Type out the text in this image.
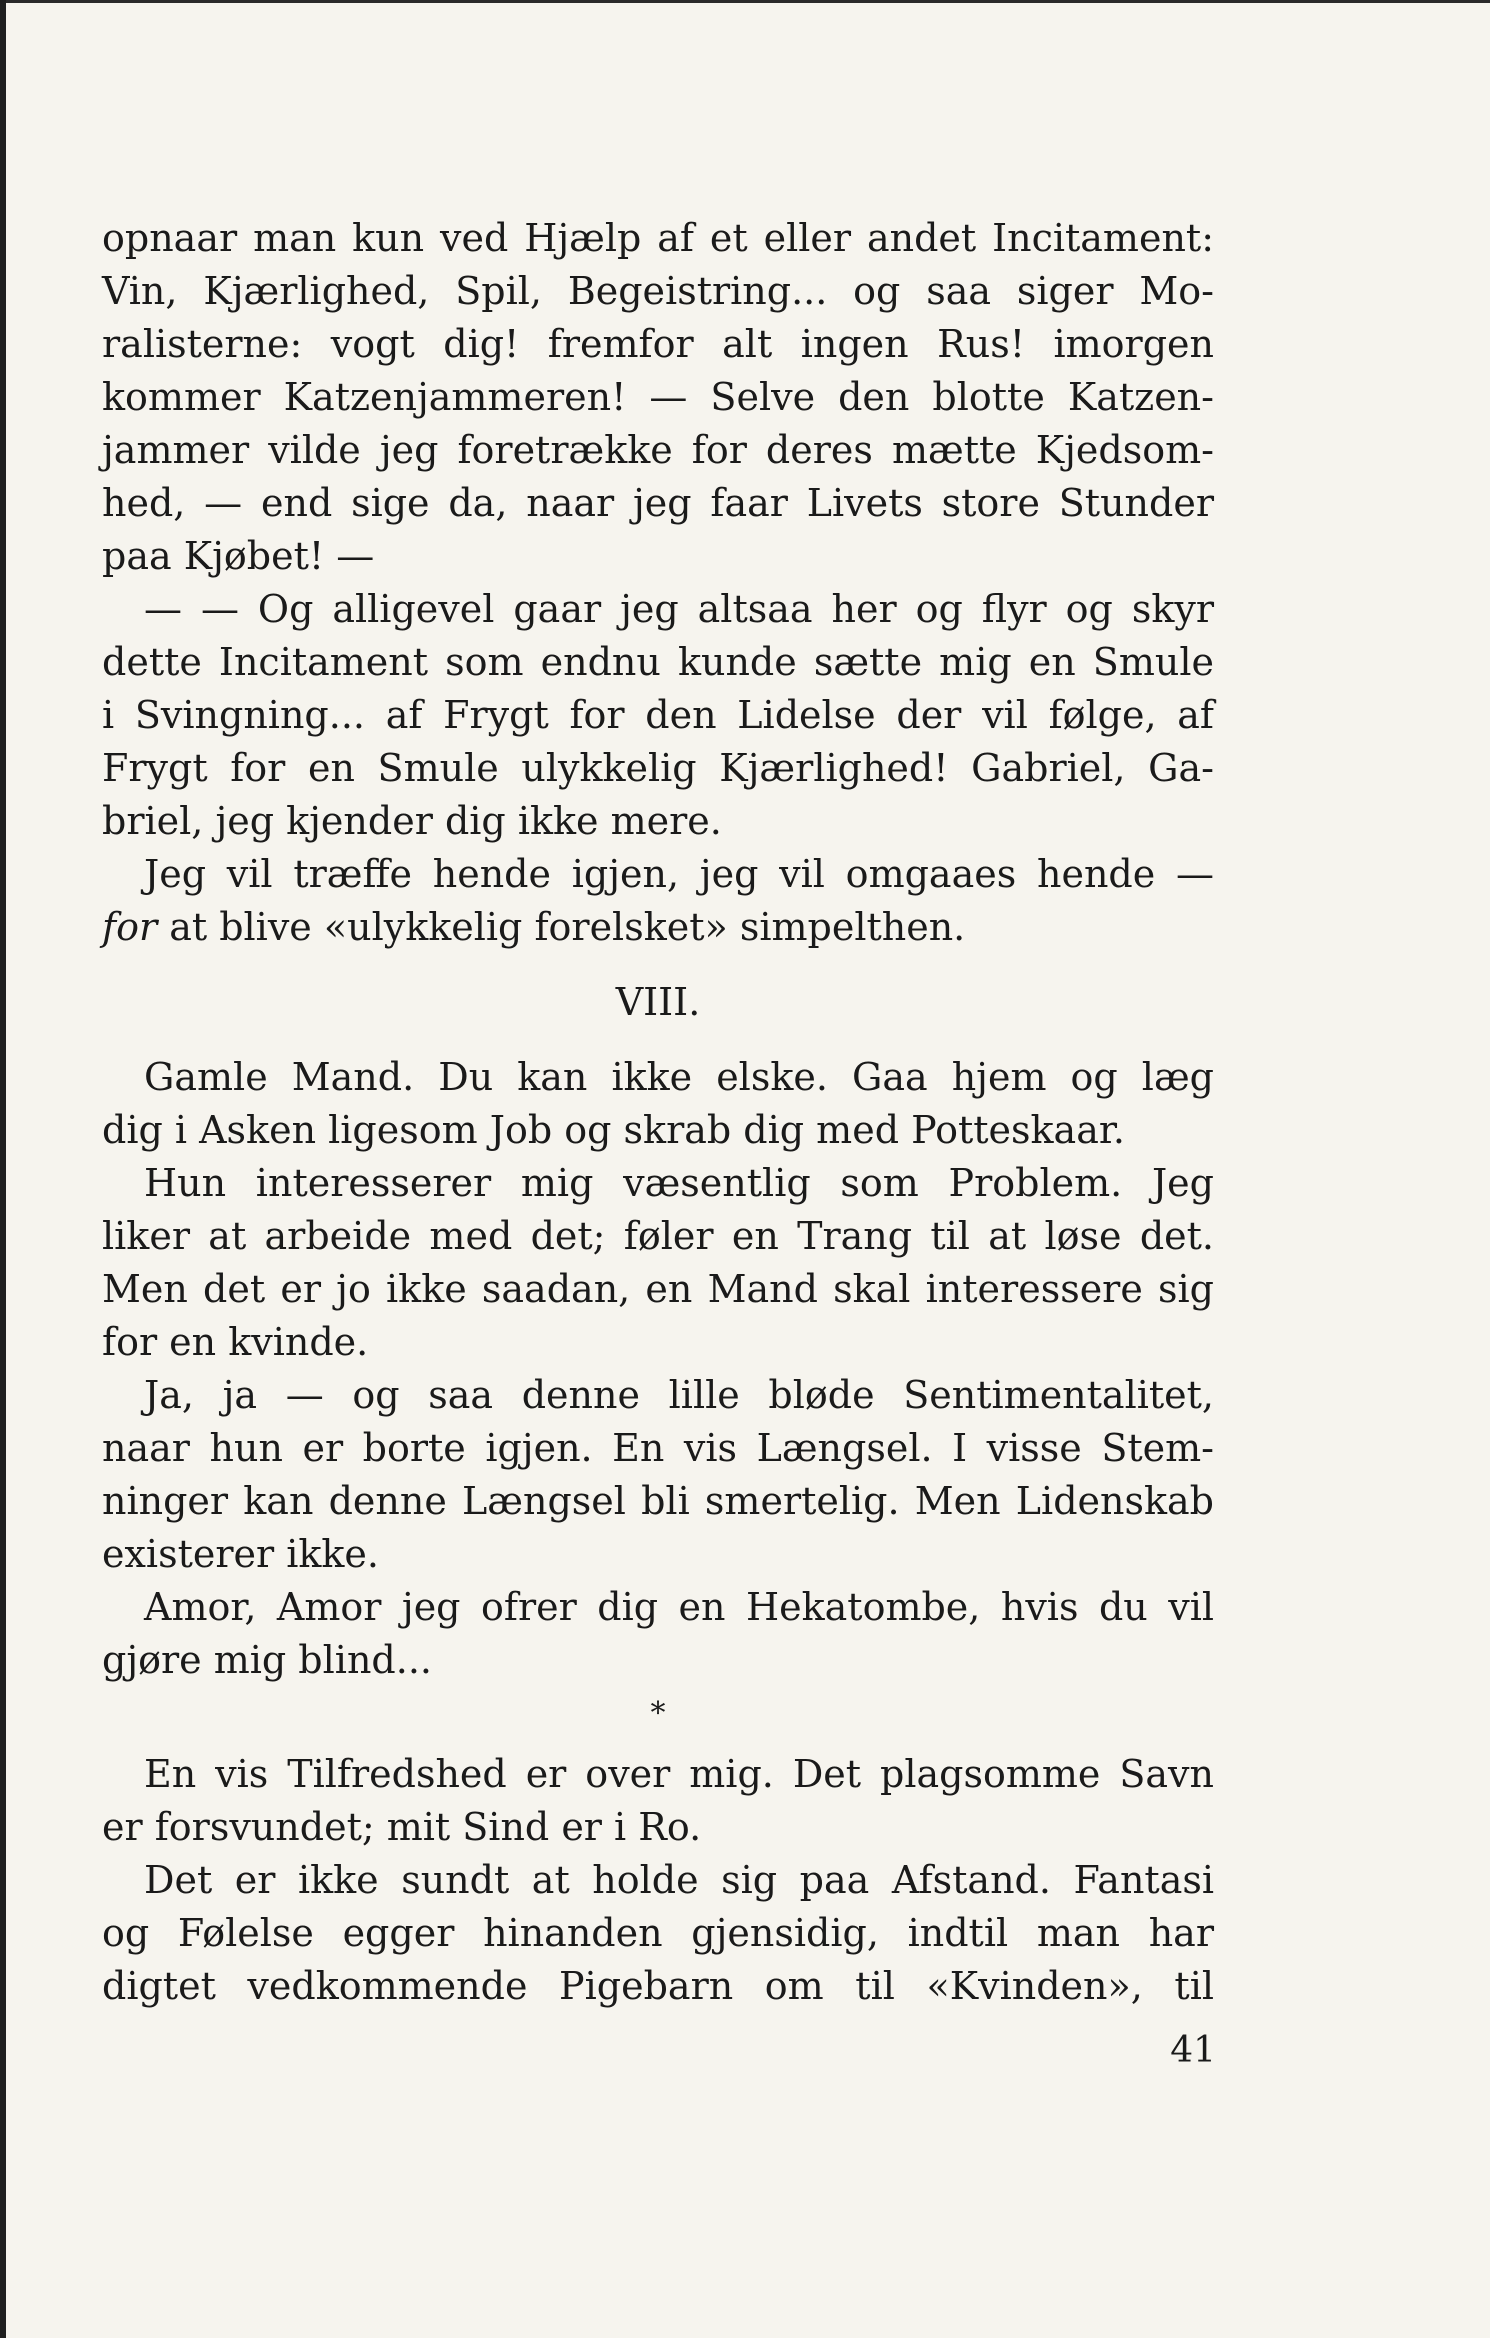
opnaar man kun ved Hjælp af et eller andet Incitament:
Vin, Kjærlighed, Spil, Begeistring... og saa siger Mo-
ralisterne: vogt dig! fremfor alt ingen Rus! imorgen
kommer Katzenjammeren! — Selve den blotte Katzen-
jammer vilde jeg foretrække for deres mætte Kjedsom-
hed, — end sige da, naar jeg faar Livets store Stunder
paa Kjøbet! —

— — Og alligevel gaar jeg altsaa her og flyr og skyr
dette Incitament som endnu kunde sætte mig en Smule
i Svingning... af Frygt for den Lidelse der vil følge, af
Frygt for en Smule ulykkelig Kjærlighed! Gabriel, Ga-
briel, jeg kjender dig ikke mere.

Jeg vil træffe hende igjen, jeg vil omgaaes hende —
for at blive «ulykkelig forelsket» simpelthen.

VIII.

Gamle Mand. Du kan ikke elske. Gaa hjem og læg
dig i Asken ligesom Job og skrab dig med Potteskaar.

Hun interesserer mig væsentlig som Problem. Jeg
liker at arbeide med det; føler en Trang til at løse det.
Men det er jo ikke saadan, en Mand skal interessere sig
for en kvinde.

Ja, ja — og saa denne lille bløde Sentimentalitet,
naar hun er borte igjen. En vis Længsel. I visse Stem-
ninger kan denne Længsel bli smertelig. Men Lidenskab
existerer ikke.

Amor, Amor jeg ofrer dig en Hekatombe, hvis du vil
gjøre mig blind...

*

En vis Tilfredshed er over mig. Det plagsomme Savn
er forsvundet; mit Sind er i Ro.

Det er ikke sundt at holde sig paa Afstand. Fantasi
og Følelse egger hinanden gjensidig, indtil man har
digtet vedkommende Pigebarn om til «Kvinden», til

41
